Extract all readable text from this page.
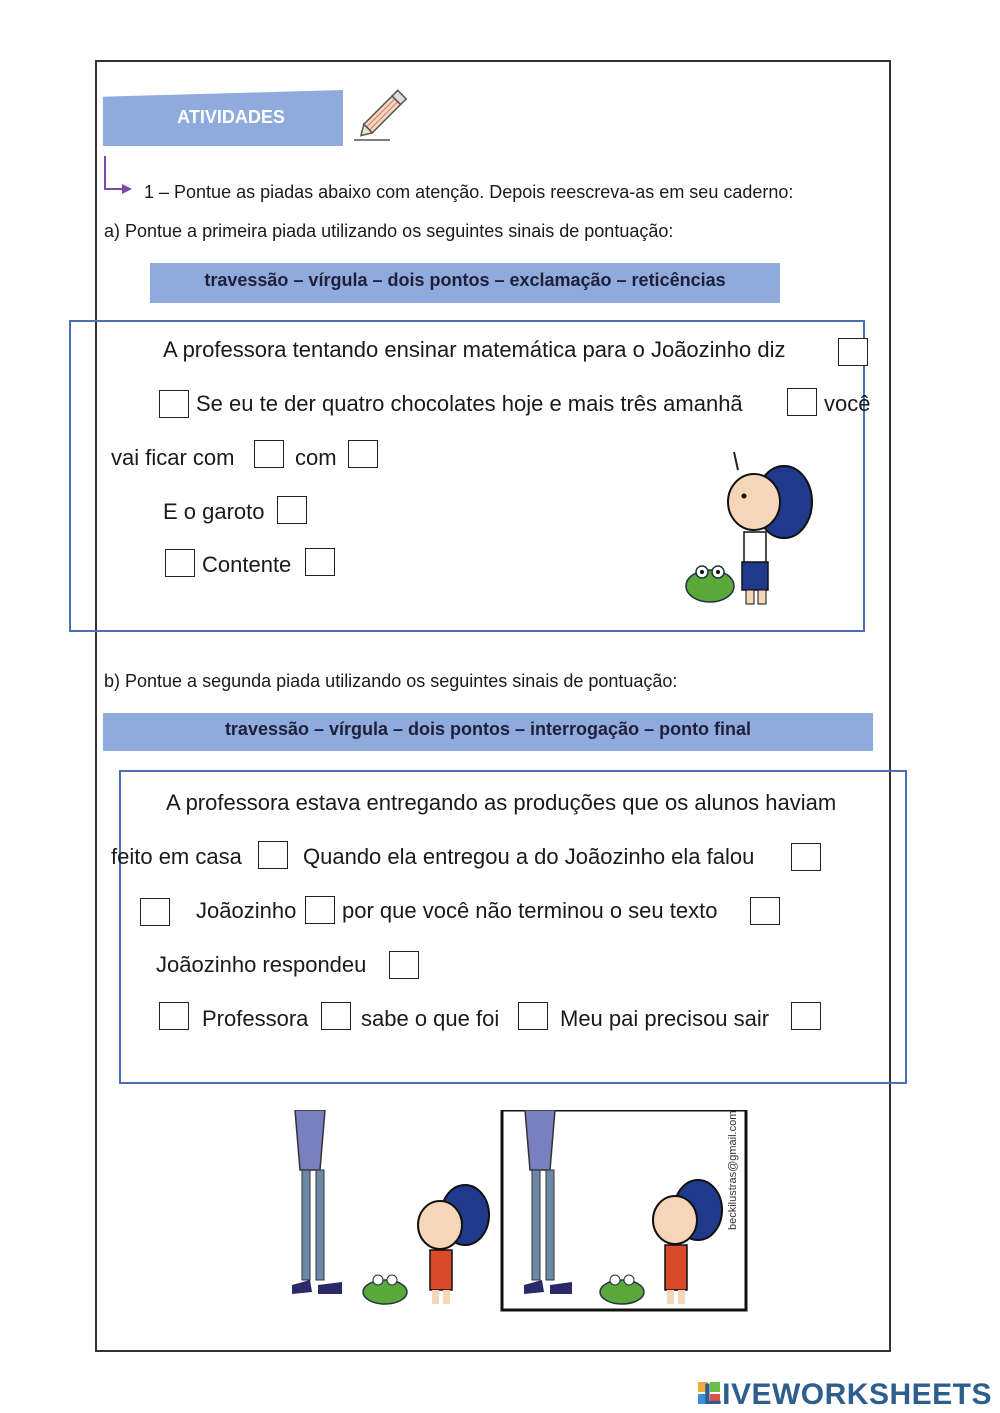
ATIVIDADES
1 – Pontue as piadas abaixo com atenção. Depois reescreva-as em seu caderno:
a) Pontue a primeira piada utilizando os seguintes sinais de pontuação:
travessão – vírgula – dois pontos – exclamação – reticências
A professora tentando ensinar matemática para o Joãozinho diz
Se eu te der quatro chocolates hoje e mais três amanhã	você
vai ficar com	com
E o garoto
Contente
b) Pontue a segunda piada utilizando os seguintes sinais de pontuação:
travessão – vírgula – dois pontos – interrogação – ponto final
A professora estava entregando as produções que os alunos haviam
feito em casa	Quando ela entregou a do Joãozinho ela falou
Joãozinho por que você não terminou o seu texto
Joãozinho respondeu
Professora sabe o que foi	Meu pai precisou sair
beckilustras@gmail.com
LIVEWORKSHEETS
